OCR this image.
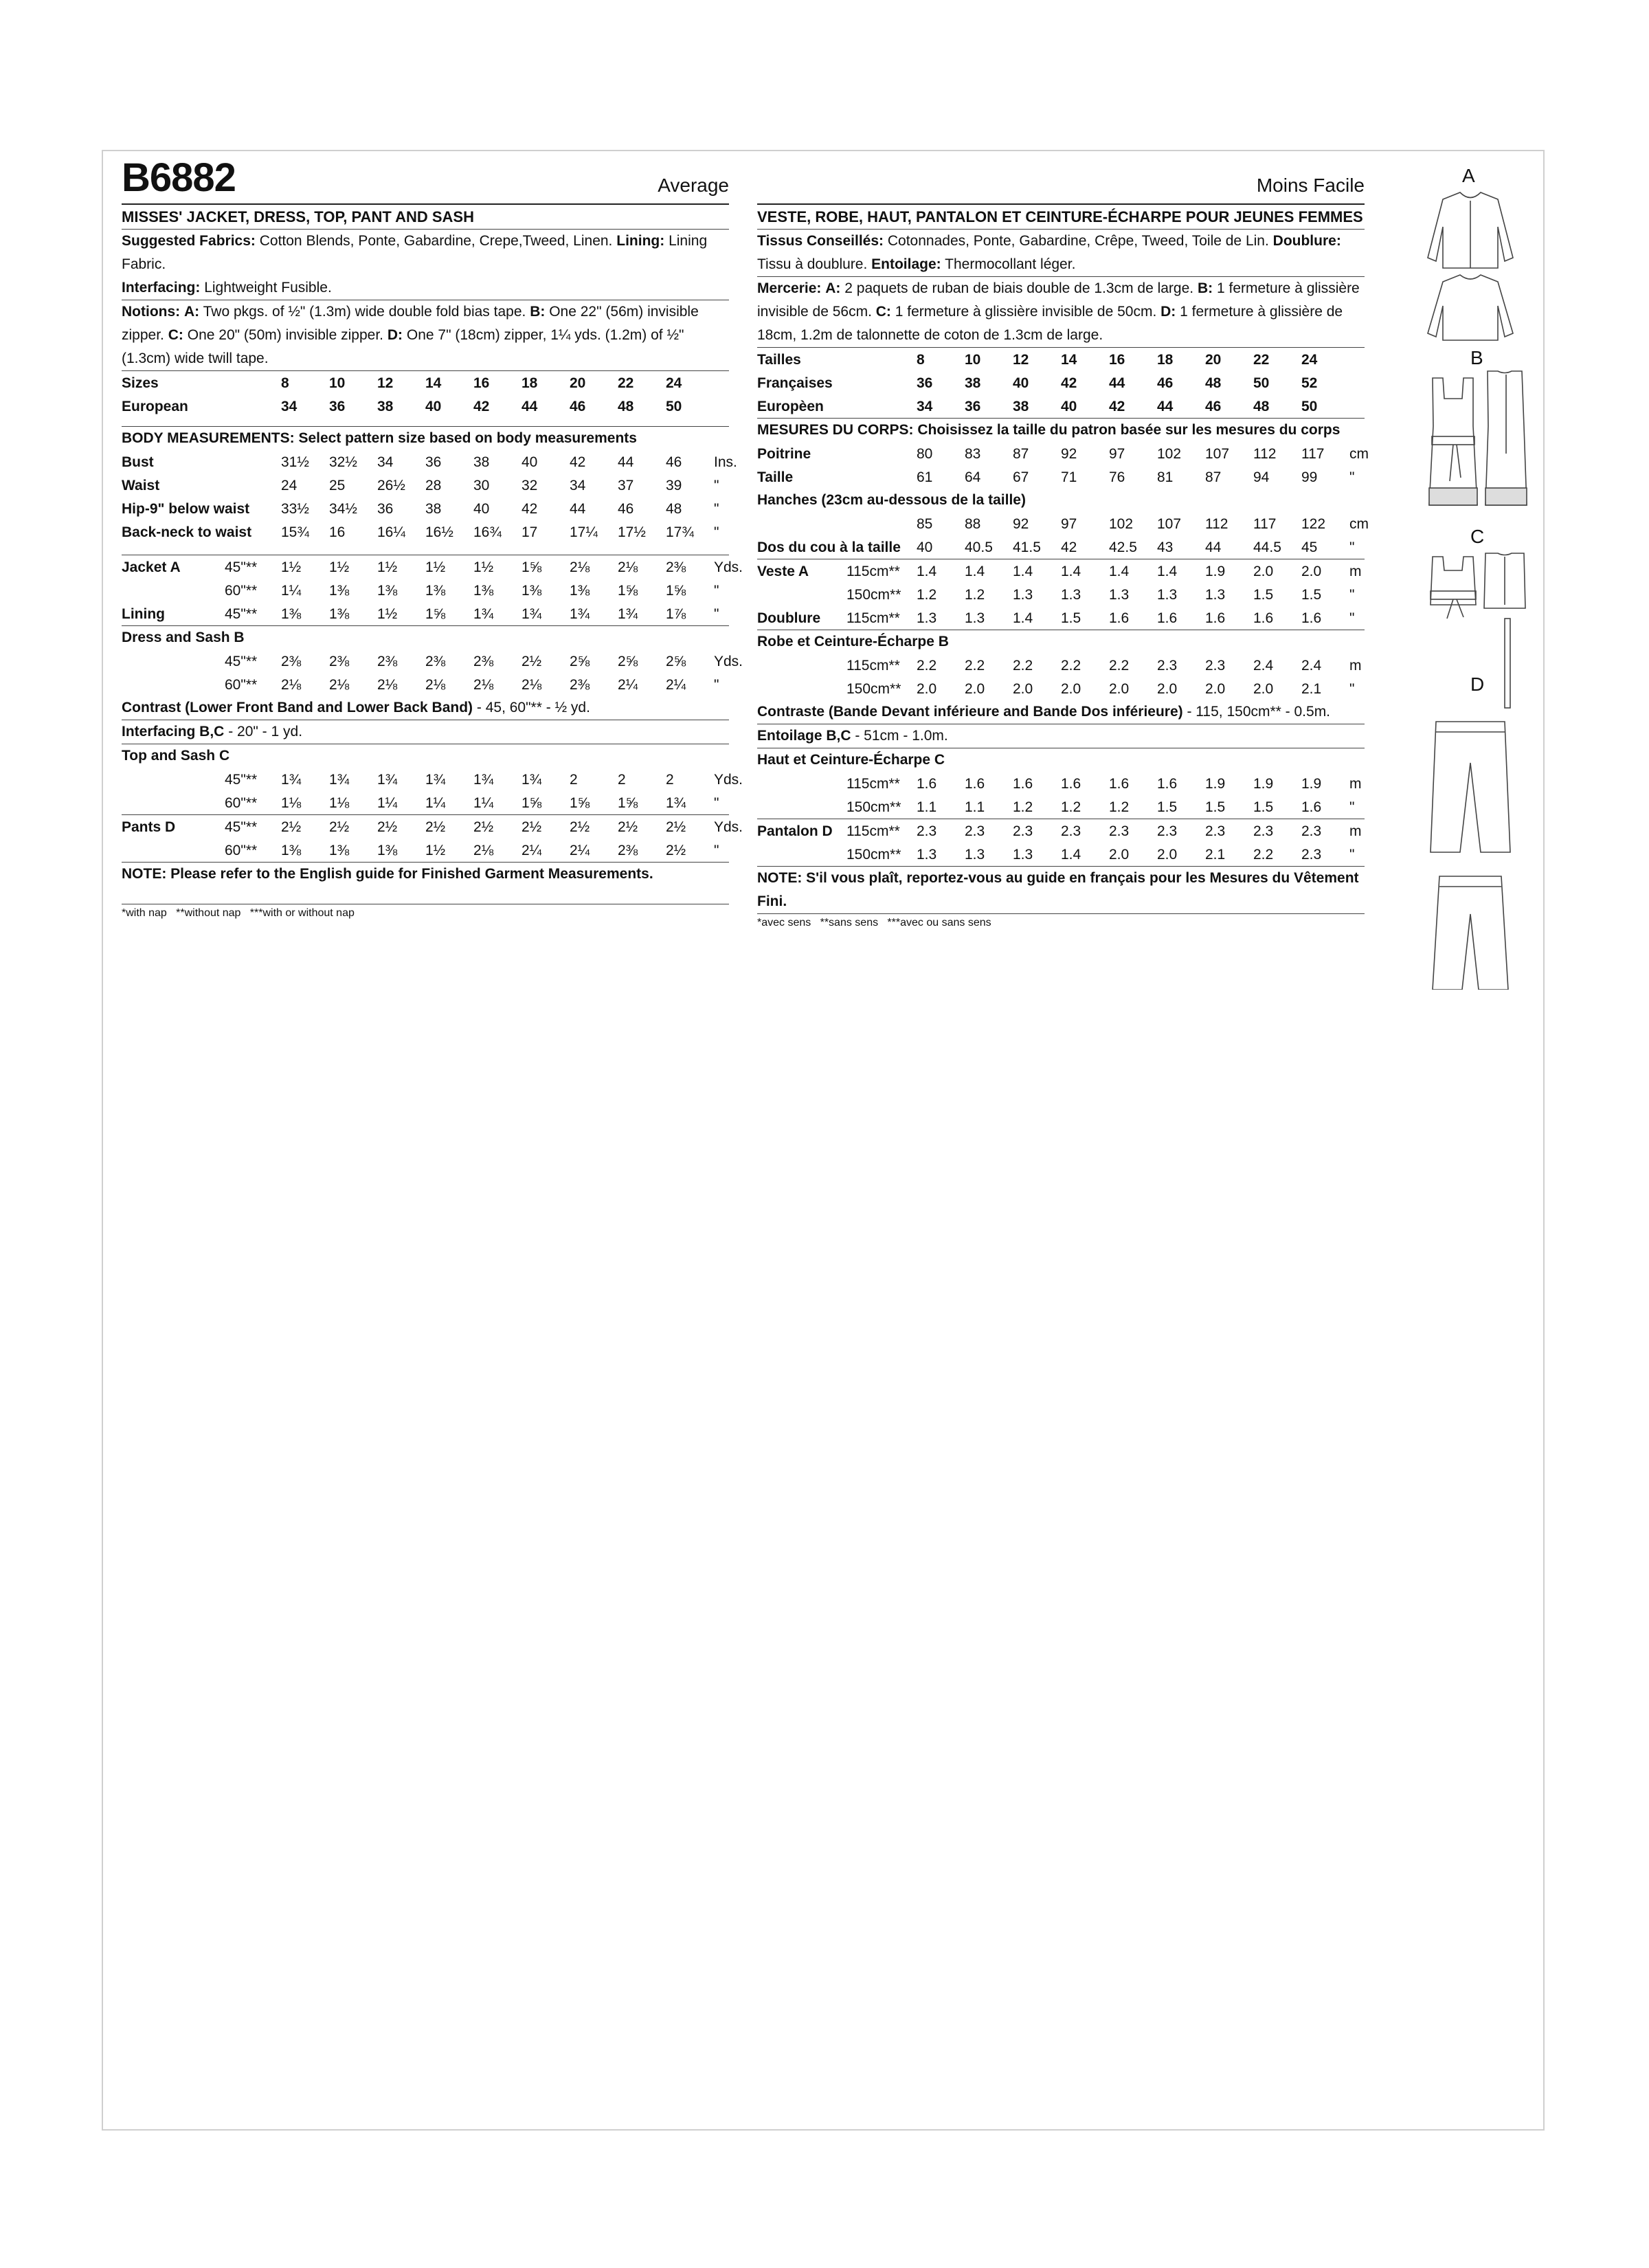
B6882	Average
MISSES' JACKET, DRESS, TOP, PANT AND SASH
Suggested Fabrics: Cotton Blends, Ponte, Gabardine, Crepe,Tweed, Linen. Lining: Lining Fabric.
Interfacing: Lightweight Fusible.
Notions: A: Two pkgs. of ½" (1.3m) wide double fold bias tape. B: One 22" (56m) invisible zipper. C: One 20" (50m) invisible zipper. D: One 7" (18cm) zipper, 1¼ yds. (1.2m) of ½" (1.3cm) wide twill tape.
Sizes	8	10	12	14	16	18	20	22	24
European	34	36	38	40	42	44	46	48	50
BODY MEASUREMENTS: Select pattern size based on body measurements
Bust	31½	32½	34	36	38	40	42	44	46	Ins.
Waist	24	25	26½	28	30	32	34	37	39	"
Hip-9" below waist	33½	34½	36	38	40	42	44	46	48	"
Back-neck to waist	15¾	16	16¼	16½	16¾	17	17¼	17½	17¾	"
Jacket A	45"**	1½	1½	1½	1½	1½	1⅝	2⅛	2⅛	2⅜	Yds.
60"**	1¼	1⅜	1⅜	1⅜	1⅜	1⅜	1⅜	1⅝	1⅝	"
Lining	45"**	1⅜	1⅜	1½	1⅝	1¾	1¾	1¾	1¾	1⅞	"
Dress and Sash B
45"**	2⅜	2⅜	2⅜	2⅜	2⅜	2½	2⅝	2⅝	2⅝	Yds.
60"**	2⅛	2⅛	2⅛	2⅛	2⅛	2⅛	2⅜	2¼	2¼	"
Contrast (Lower Front Band and Lower Back Band) - 45, 60"** - ½ yd.
Interfacing B,C - 20" - 1 yd.
Top and Sash C
45"**	1¾	1¾	1¾	1¾	1¾	1¾	2	2	2	Yds.
60"**	1⅛	1⅛	1¼	1¼	1¼	1⅝	1⅝	1⅝	1¾	"
Pants D	45"**	2½	2½	2½	2½	2½	2½	2½	2½	2½	Yds.
60"**	1⅜	1⅜	1⅜	1½	2⅛	2¼	2¼	2⅜	2½	"
NOTE: Please refer to the English guide for Finished Garment Measurements.
*with nap   **without nap   ***with or without nap
Moins Facile
VESTE, ROBE, HAUT, PANTALON ET CEINTURE-ÉCHARPE POUR JEUNES FEMMES
Tissus Conseillés: Cotonnades, Ponte, Gabardine, Crêpe, Tweed, Toile de Lin. Doublure: Tissu à doublure. Entoilage: Thermocollant léger.
Mercerie: A: 2 paquets de ruban de biais double de 1.3cm de large. B: 1 fermeture à glissière invisible de 56cm. C: 1 fermeture à glissière invisible de 50cm. D: 1 fermeture à glissière de 18cm, 1.2m de talonnette de coton de 1.3cm de large.
Tailles	8	10	12	14	16	18	20	22	24
Françaises	36	38	40	42	44	46	48	50	52
Europèen	34	36	38	40	42	44	46	48	50
MESURES DU CORPS: Choisissez la taille du patron basée sur les mesures du corps
Poitrine	80	83	87	92	97	102	107	112	117	cm
Taille	61	64	67	71	76	81	87	94	99	"
Hanches (23cm au-dessous de la taille)
85	88	92	97	102	107	112	117	122	cm
Dos du cou à la taille	40	40.5	41.5	42	42.5	43	44	44.5	45	"
Veste A	115cm**	1.4	1.4	1.4	1.4	1.4	1.4	1.9	2.0	2.0	m
150cm**	1.2	1.2	1.3	1.3	1.3	1.3	1.3	1.5	1.5	"
Doublure	115cm**	1.3	1.3	1.4	1.5	1.6	1.6	1.6	1.6	1.6	"
Robe et Ceinture-Écharpe B
115cm**	2.2	2.2	2.2	2.2	2.2	2.3	2.3	2.4	2.4	m
150cm**	2.0	2.0	2.0	2.0	2.0	2.0	2.0	2.0	2.1	"
Contraste (Bande Devant inférieure and Bande Dos inférieure) - 115, 150cm** - 0.5m.
Entoilage B,C - 51cm - 1.0m.
Haut et Ceinture-Écharpe C
115cm**	1.6	1.6	1.6	1.6	1.6	1.6	1.9	1.9	1.9	m
150cm**	1.1	1.1	1.2	1.2	1.2	1.5	1.5	1.5	1.6	"
Pantalon D 115cm**	2.3	2.3	2.3	2.3	2.3	2.3	2.3	2.3	2.3	m
150cm**	1.3	1.3	1.3	1.4	2.0	2.0	2.1	2.2	2.3	"
NOTE: S'il vous plaît, reportez-vous au guide en français pour les Mesures du Vêtement Fini.
*avec sens   **sans sens   ***avec ou sans sens
A
B
C
D
